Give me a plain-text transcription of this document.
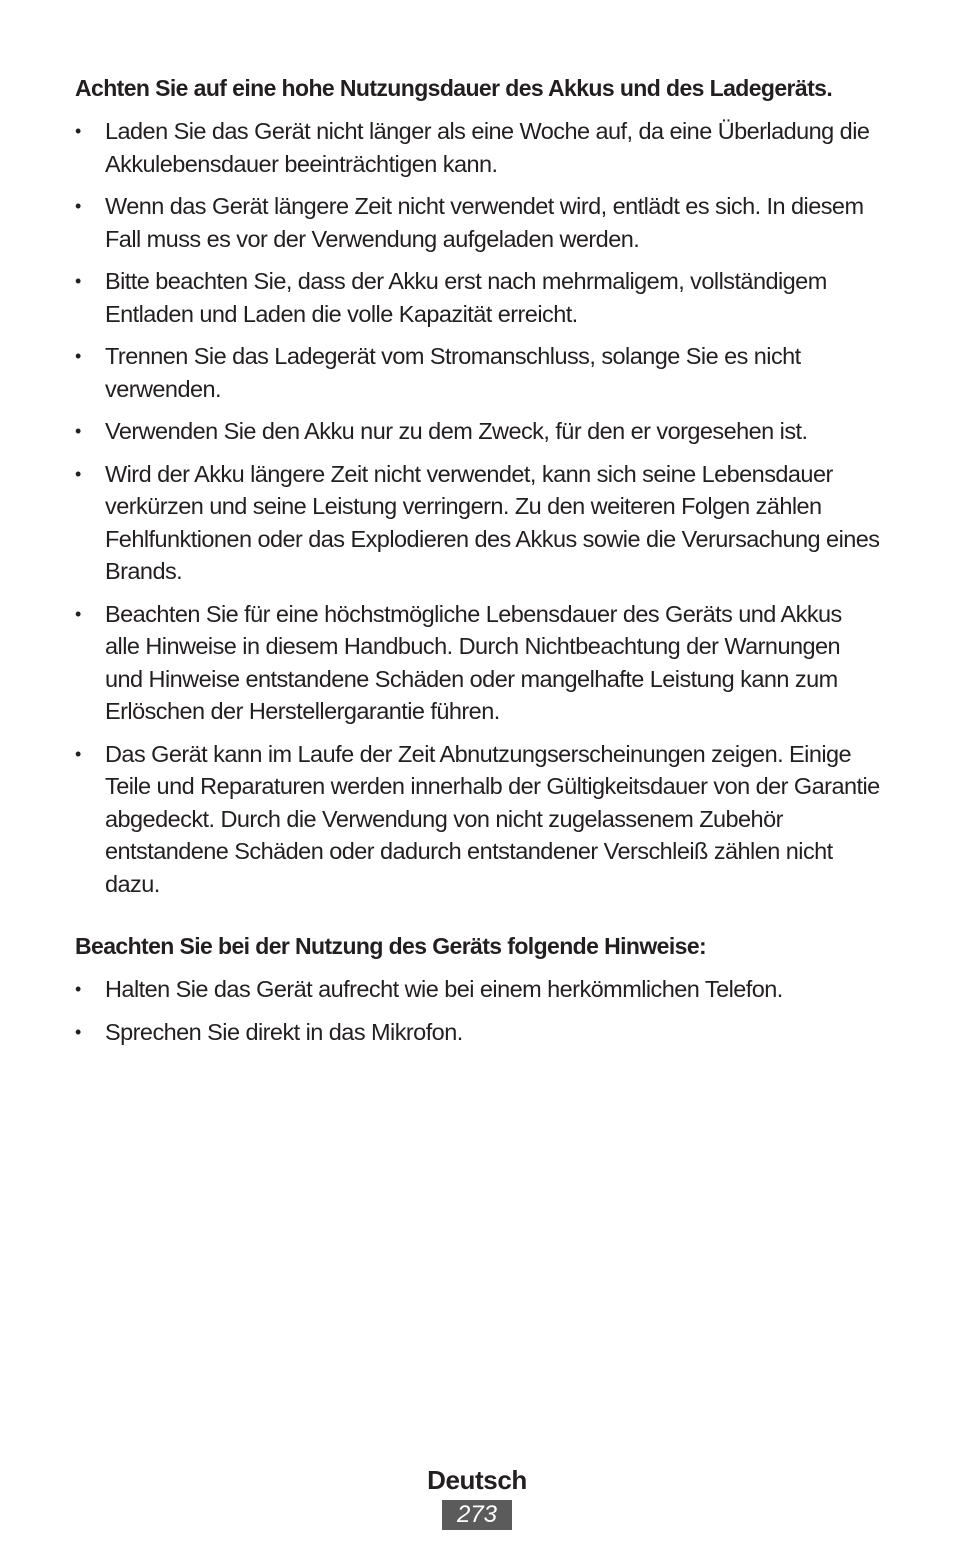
Achten Sie auf eine hohe Nutzungsdauer des Akkus und des Ladegeräts.
• Laden Sie das Gerät nicht länger als eine Woche auf, da eine Überladung die Akkulebensdauer beeinträchtigen kann.
• Wenn das Gerät längere Zeit nicht verwendet wird, entlädt es sich. In diesem Fall muss es vor der Verwendung aufgeladen werden.
• Bitte beachten Sie, dass der Akku erst nach mehrmaligem, vollständigem Entladen und Laden die volle Kapazität erreicht.
• Trennen Sie das Ladegerät vom Stromanschluss, solange Sie es nicht verwenden.
• Verwenden Sie den Akku nur zu dem Zweck, für den er vorgesehen ist.
• Wird der Akku längere Zeit nicht verwendet, kann sich seine Lebensdauer verkürzen und seine Leistung verringern. Zu den weiteren Folgen zählen Fehlfunktionen oder das Explodieren des Akkus sowie die Verursachung eines Brands.
• Beachten Sie für eine höchstmögliche Lebensdauer des Geräts und Akkus alle Hinweise in diesem Handbuch. Durch Nichtbeachtung der Warnungen und Hinweise entstandene Schäden oder mangelhafte Leistung kann zum Erlöschen der Herstellergarantie führen.
• Das Gerät kann im Laufe der Zeit Abnutzungserscheinungen zeigen. Einige Teile und Reparaturen werden innerhalb der Gültigkeitsdauer von der Garantie abgedeckt. Durch die Verwendung von nicht zugelassenem Zubehör entstandene Schäden oder dadurch entstandener Verschleiß zählen nicht dazu.
Beachten Sie bei der Nutzung des Geräts folgende Hinweise:
• Halten Sie das Gerät aufrecht wie bei einem herkömmlichen Telefon.
• Sprechen Sie direkt in das Mikrofon.
Deutsch
273
